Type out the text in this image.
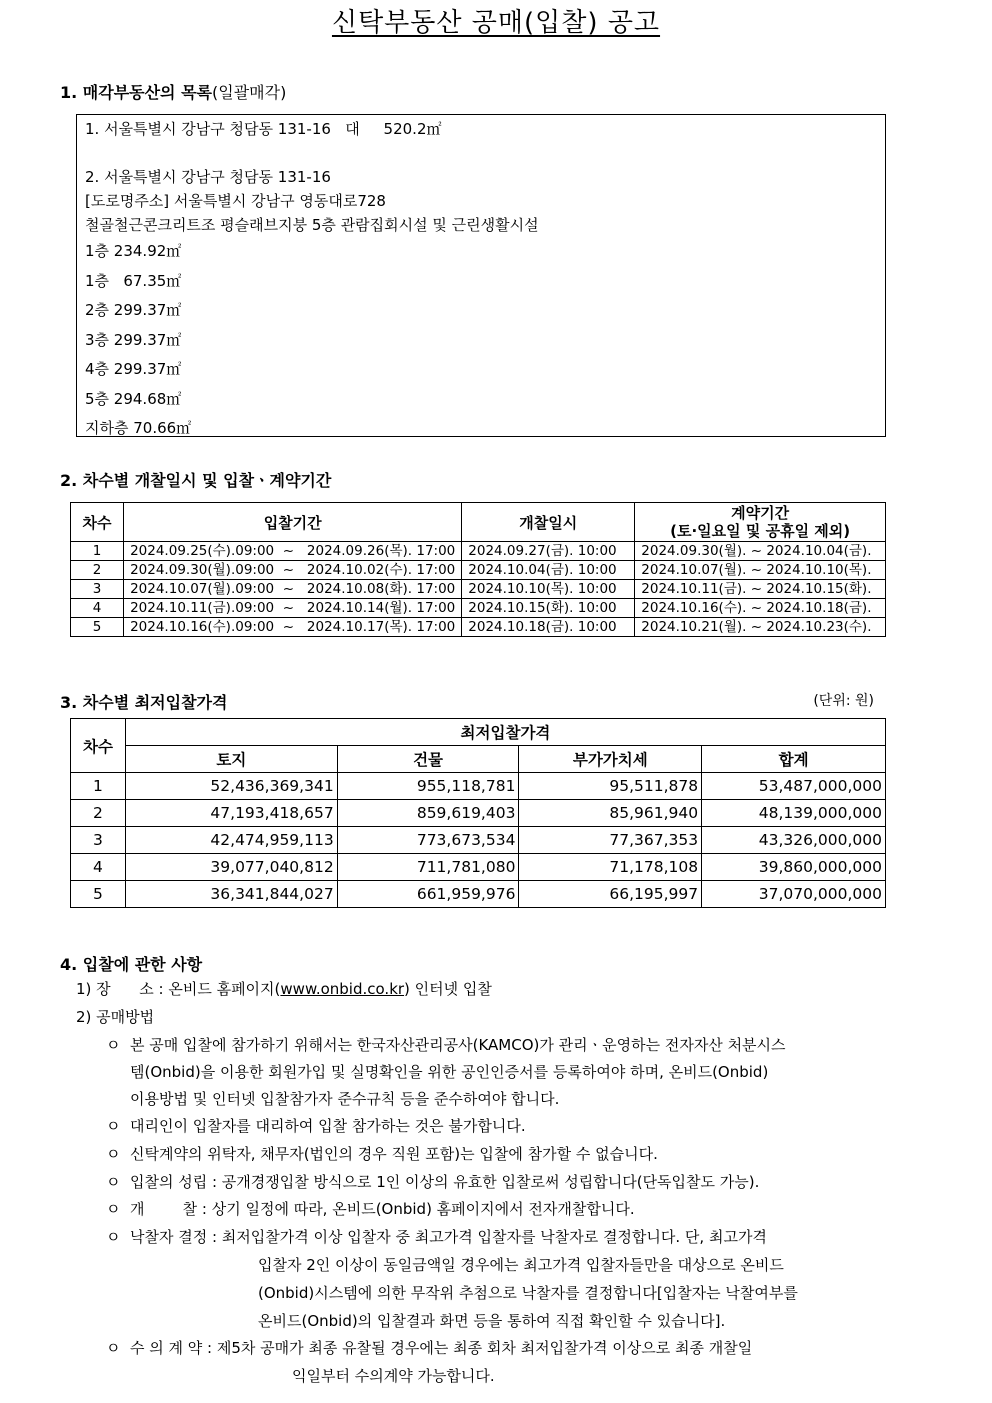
신탁부동산 공매(입찰) 공고
1. 매각부동산의 목록(일괄매각)
1. 서울특별시 강남구 청담동 131-16   대     520.2㎡
2. 서울특별시 강남구 청담동 131-16
[도로명주소] 서울특별시 강남구 영동대로728
철골철근콘크리트조 평슬래브지붕 5층 관람집회시설 및 근린생활시설
1층 234.92㎡
1층   67.35㎡
2층 299.37㎡
3층 299.37㎡
4층 299.37㎡
5층 294.68㎡
지하층 70.66㎡
2. 차수별 개찰일시 및 입찰ㆍ계약기간
차수	입찰기간	개찰일시	계약기간
(토·일요일 및 공휴일 제외)

1	2024.09.25(수).09:00  ~   2024.09.26(목). 17:00	2024.09.27(금). 10:00	2024.09.30(월). ~ 2024.10.04(금).
2	2024.09.30(월).09:00  ~   2024.10.02(수). 17:00	2024.10.04(금). 10:00	2024.10.07(월). ~ 2024.10.10(목).
3	2024.10.07(월).09:00  ~   2024.10.08(화). 17:00	2024.10.10(목). 10:00	2024.10.11(금). ~ 2024.10.15(화).
4	2024.10.11(금).09:00  ~   2024.10.14(월). 17:00	2024.10.15(화). 10:00	2024.10.16(수). ~ 2024.10.18(금).
5	2024.10.16(수).09:00  ~   2024.10.17(목). 17:00	2024.10.18(금). 10:00	2024.10.21(월). ~ 2024.10.23(수).
3. 차수별 최저입찰가격	(단위: 원)
차수	최저입찰가격			
	토지	건물	부가가치세	합계
1	52,436,369,341	955,118,781	95,511,878	53,487,000,000
2	47,193,418,657	859,619,403	85,961,940	48,139,000,000
3	42,474,959,113	773,673,534	77,367,353	43,326,000,000
4	39,077,040,812	711,781,080	71,178,108	39,860,000,000
5	36,341,844,027	661,959,976	66,195,997	37,070,000,000
4. 입찰에 관한 사항
1) 장      소 : 온비드 홈페이지(www.onbid.co.kr) 인터넷 입찰
2) 공매방법
ㅇ 본 공매 입찰에 참가하기 위해서는 한국자산관리공사(KAMCO)가 관리ㆍ운영하는 전자자산 처분시스
템(Onbid)을 이용한 회원가입 및 실명확인을 위한 공인인증서를 등록하여야 하며, 온비드(Onbid)
이용방법 및 인터넷 입찰참가자 준수규칙 등을 준수하여야 합니다.
ㅇ 대리인이 입찰자를 대리하여 입찰 참가하는 것은 불가합니다.
ㅇ 신탁계약의 위탁자, 채무자(법인의 경우 직원 포함)는 입찰에 참가할 수 없습니다.
ㅇ 입찰의 성립 : 공개경쟁입찰 방식으로 1인 이상의 유효한 입찰로써 성립합니다(단독입찰도 가능).
ㅇ 개        찰 : 상기 일정에 따라, 온비드(Onbid) 홈페이지에서 전자개찰합니다.
ㅇ 낙찰자 결정 : 최저입찰가격 이상 입찰자 중 최고가격 입찰자를 낙찰자로 결정합니다. 단, 최고가격
입찰자 2인 이상이 동일금액일 경우에는 최고가격 입찰자들만을 대상으로 온비드
(Onbid)시스템에 의한 무작위 추첨으로 낙찰자를 결정합니다[입찰자는 낙찰여부를
온비드(Onbid)의 입찰결과 화면 등을 통하여 직접 확인할 수 있습니다].
ㅇ 수 의 계 약 : 제5차 공매가 최종 유찰될 경우에는 최종 회차 최저입찰가격 이상으로 최종 개찰일
익일부터 수의계약 가능합니다.
